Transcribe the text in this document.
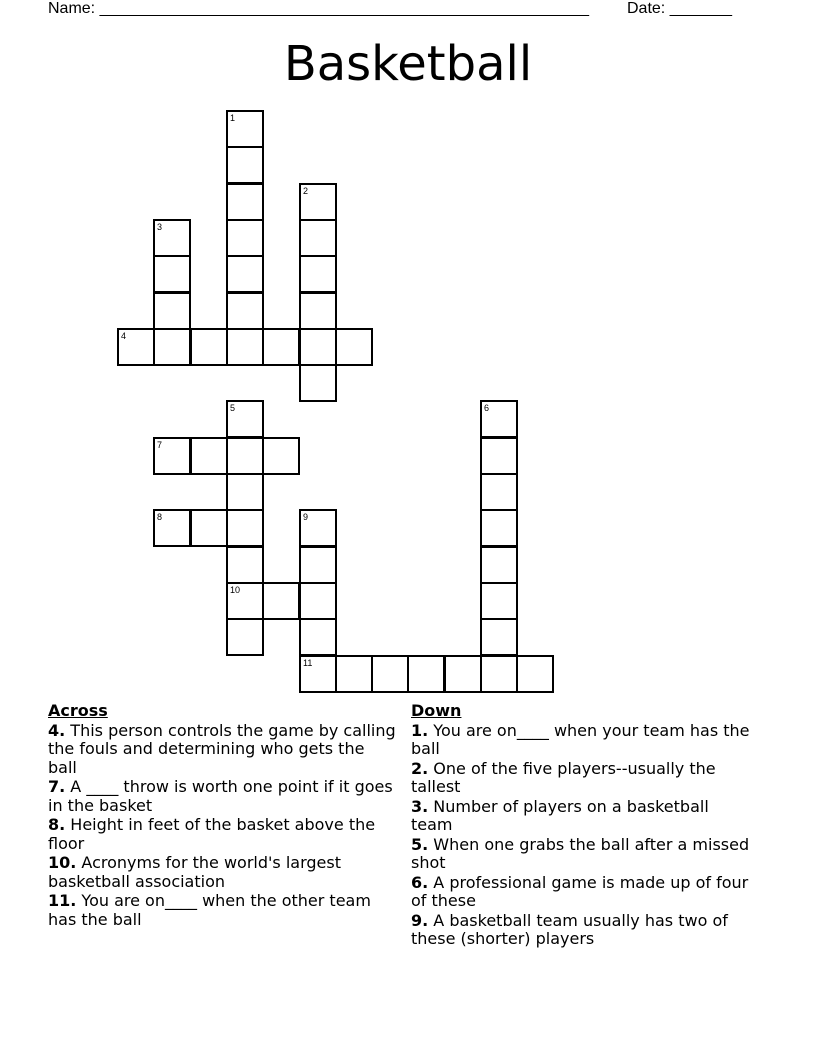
Name: _______________________________________________________ Date: _______
Basketball
1
2
3
4
5
10
6
7
8	9
11
Across
4. This person controls the game by calling the fouls and determining who gets the ball
7. A ____ throw is worth one point if it goes in the basket
8. Height in feet of the basket above the floor
10. Acronyms for the world's largest basketball association
11. You are on____ when the other team has the ball
Down
1. You are on____ when your team has the ball
2. One of the five players--usually the tallest
3. Number of players on a basketball team
5. When one grabs the ball after a missed shot
6. A professional game is made up of four of these
9. A basketball team usually has two of these (shorter) players
